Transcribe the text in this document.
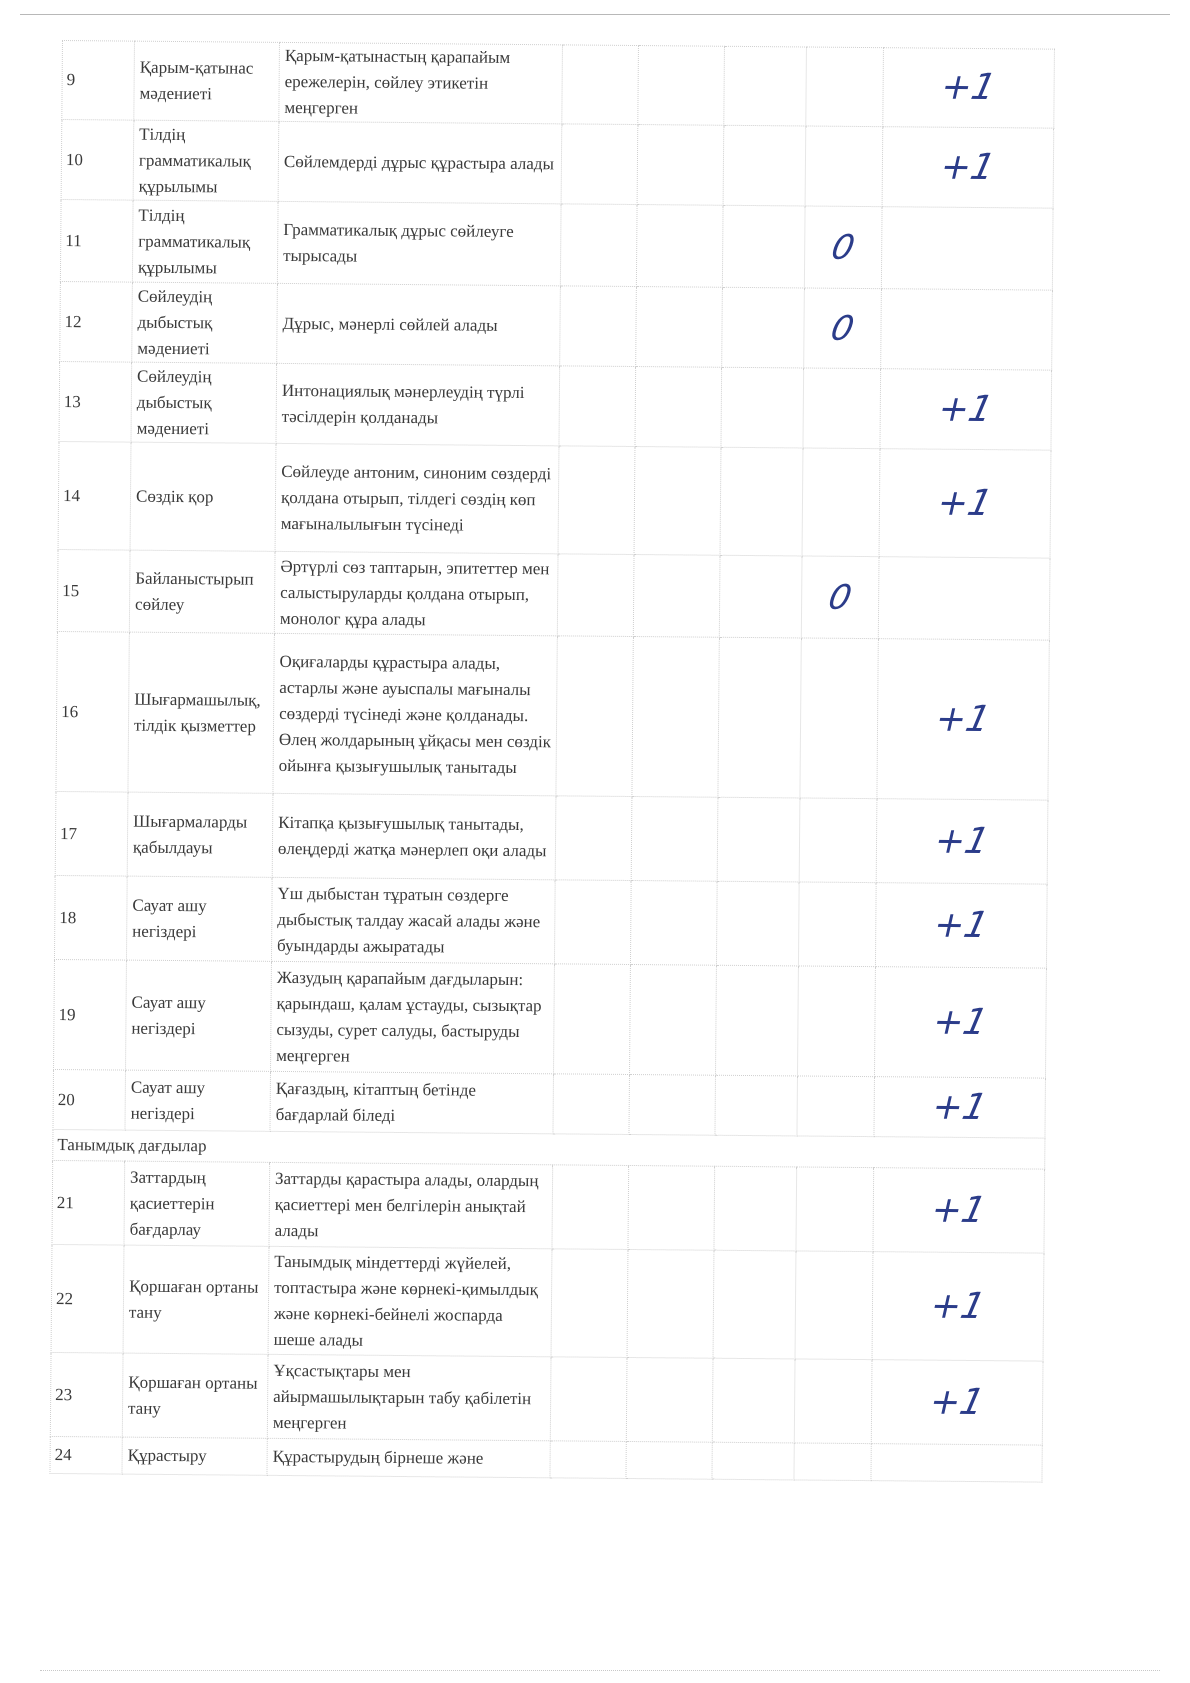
9	Қарым-қатынас мәдениеті	Қарым-қатынастың қарапайым ережелерін, сөйлеу этикетін меңгерген					+1
10	Тілдің грамматикалық құрылымы	Сөйлемдерді дұрыс құрастыра алады					+1
11	Тілдің грамматикалық құрылымы	Грамматикалық дұрыс сөйлеуге тырысады				0	
12	Сөйлеудің дыбыстық мәдениеті	Дұрыс, мәнерлі сөйлей алады				0	
13	Сөйлеудің дыбыстық мәдениеті	Интонациялық мәнерлеудің түрлі тәсілдерін қолданады					+1
14	Сөздік қор	Сөйлеуде антоним, синоним сөздерді қолдана отырып, тілдегі сөздің көп мағыналылығын түсінеді					+1
15	Байланыстырып сөйлеу	Әртүрлі сөз таптарын, эпитеттер мен салыстыруларды қолдана отырып, монолог құра алады				0	
16	Шығармашылық, тілдік қызметтер	Оқиғаларды құрастыра алады, астарлы және ауыспалы мағыналы сөздерді түсінеді және қолданады. Өлең жолдарының ұйқасы мен сөздік ойынға қызығушылық танытады					+1
17	Шығармаларды қабылдауы	Кітапқа қызығушылық танытады, өлеңдерді жатқа мәнерлеп оқи алады					+1
18	Сауат ашу негіздері	Үш дыбыстан тұратын сөздерге дыбыстық талдау жасай алады және буындарды ажыратады					+1
19	Сауат ашу негіздері	Жазудың қарапайым дағдыларын: қарындаш, қалам ұстауды, сызықтар сызуды, сурет салуды, бастыруды меңгерген					+1
20	Сауат ашу негіздері	Қағаздың, кітаптың бетінде бағдарлай біледі					+1
Танымдық дағдылар							
21	Заттардың қасиеттерін бағдарлау	Заттарды қарастыра алады, олардың қасиеттері мен белгілерін анықтай алады					+1
22	Қоршаған ортаны тану	Танымдық міндеттерді жүйелей, топтастыра және көрнекі-қимылдық және көрнекі-бейнелі жоспарда шеше алады					+1
23	Қоршаған ортаны тану	Ұқсастықтары мен айырмашылықтарын табу қабілетін меңгерген					+1
24	Құрастыру	Құрастырудың бірнеше және					
